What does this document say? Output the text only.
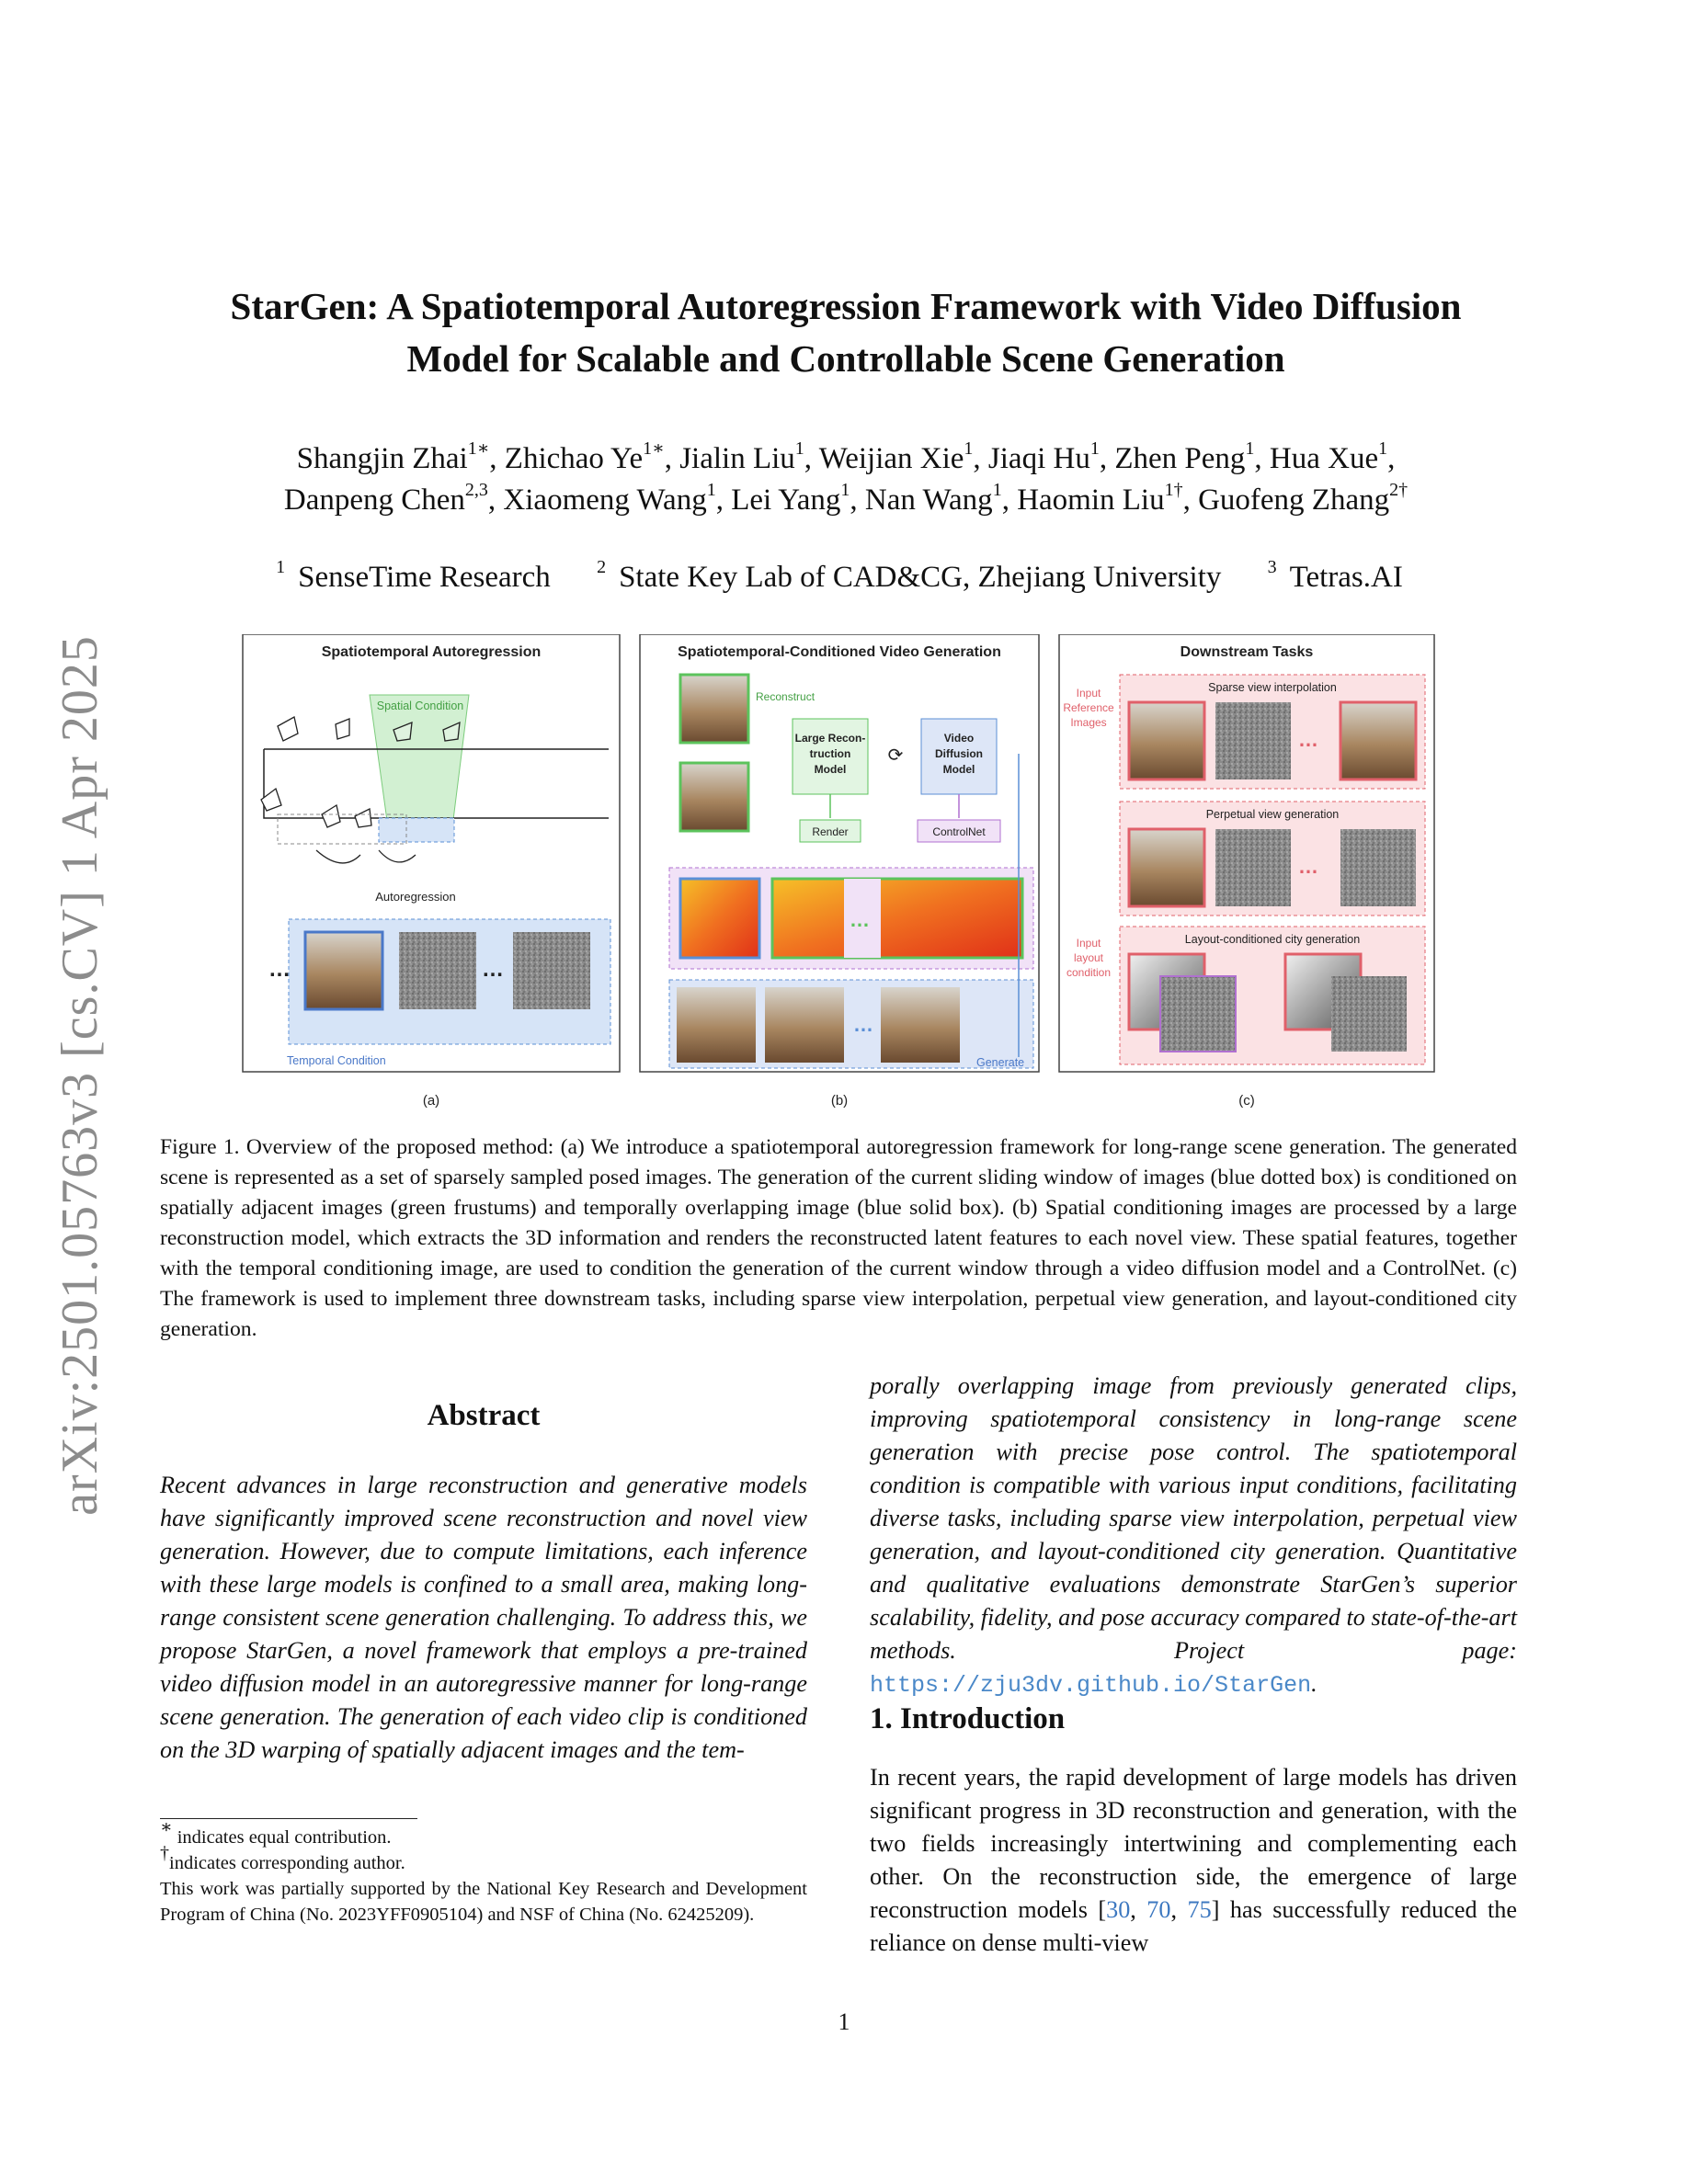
arXiv:2501.05763v3 [cs.CV] 1 Apr 2025
StarGen: A Spatiotemporal Autoregression Framework with Video Diffusion
Model for Scalable and Controllable Scene Generation
Shangjin Zhai$^{1∗}$, Zhichao $Ye^{1∗}$, Jialin Liu$^1$, Weijian Xie$^1$, Jiaqi Hu$^1$, Zhen Peng$^1$, Hua Xue$^1$,
Danpeng Chen$^{2,3}$, Xiaomeng Wang$^1$, Lei Yang$^1$, Nan Wang$^1$, Haomin Liu$^{1\dagger}$, Guofeng Zhang$^{2\dagger}$
$^1$ SenseTime Research	$^2$ State Key Lab of CAD&CG, Zhejiang University	$^3$ Tetras.AI
Spatiotemporal Autoregression
Spatial Condition
Autoregression
…	…
Temporal Condition
(a)
Spatiotemporal-Conditioned Video Generation
Reconstruct
Large Recon-
truction
Model
⟳
Video
Diffusion
Model
Render	ControlNet
…
…
Generate
(b)
Downstream Tasks
Input
Reference
Images
Sparse view interpolation
…
Perpetual view generation
…
Input
layout
condition
Layout-conditioned city generation
(c)
Figure 1. Overview of the proposed method: (a) We introduce a spatiotemporal autoregression framework for long-range scene generation. The generated scene is represented as a set of sparsely sampled posed images. The generation of the current sliding window of images (blue dotted box) is conditioned on spatially adjacent images (green frustums) and temporally overlapping image (blue solid box). (b) Spatial conditioning images are processed by a large reconstruction model, which extracts the 3D information and renders the reconstructed latent features to each novel view. These spatial features, together with the temporal conditioning image, are used to condition the generation of the current window through a video diffusion model and a ControlNet. (c) The framework is used to implement three downstream tasks, including sparse view interpolation, perpetual view generation, and layout-conditioned city generation.
Abstract
Recent advances in large reconstruction and generative models have significantly improved scene reconstruction and novel view generation. However, due to compute limitations, each inference with these large models is confined to a small area, making long-range consistent scene generation challenging. To address this, we propose StarGen, a novel framework that employs a pre-trained video diffusion model in an autoregressive manner for long-range scene generation. The generation of each video clip is conditioned on the 3D warping of spatially adjacent images and the tem-
porally overlapping image from previously generated clips, improving spatiotemporal consistency in long-range scene generation with precise pose control. The spatiotemporal condition is compatible with various input conditions, facilitating diverse tasks, including sparse view interpolation, perpetual view generation, and layout-conditioned city generation. Quantitative and qualitative evaluations demonstrate StarGen’s superior scalability, fidelity, and pose accuracy compared to state-of-the-art methods. Project page: https://zju3dv.github.io/StarGen.
∗ indicates equal contribution.
†indicates corresponding author.
This work was partially supported by the National Key Research and Development Program of China (No. 2023YFF0905104) and NSF of China (No. 62425209).
1. Introduction
In recent years, the rapid development of large models has driven significant progress in 3D reconstruction and generation, with the two fields increasingly intertwining and complementing each other. On the reconstruction side, the emergence of large reconstruction models [30, 70, 75] has successfully reduced the reliance on dense multi-view
1
